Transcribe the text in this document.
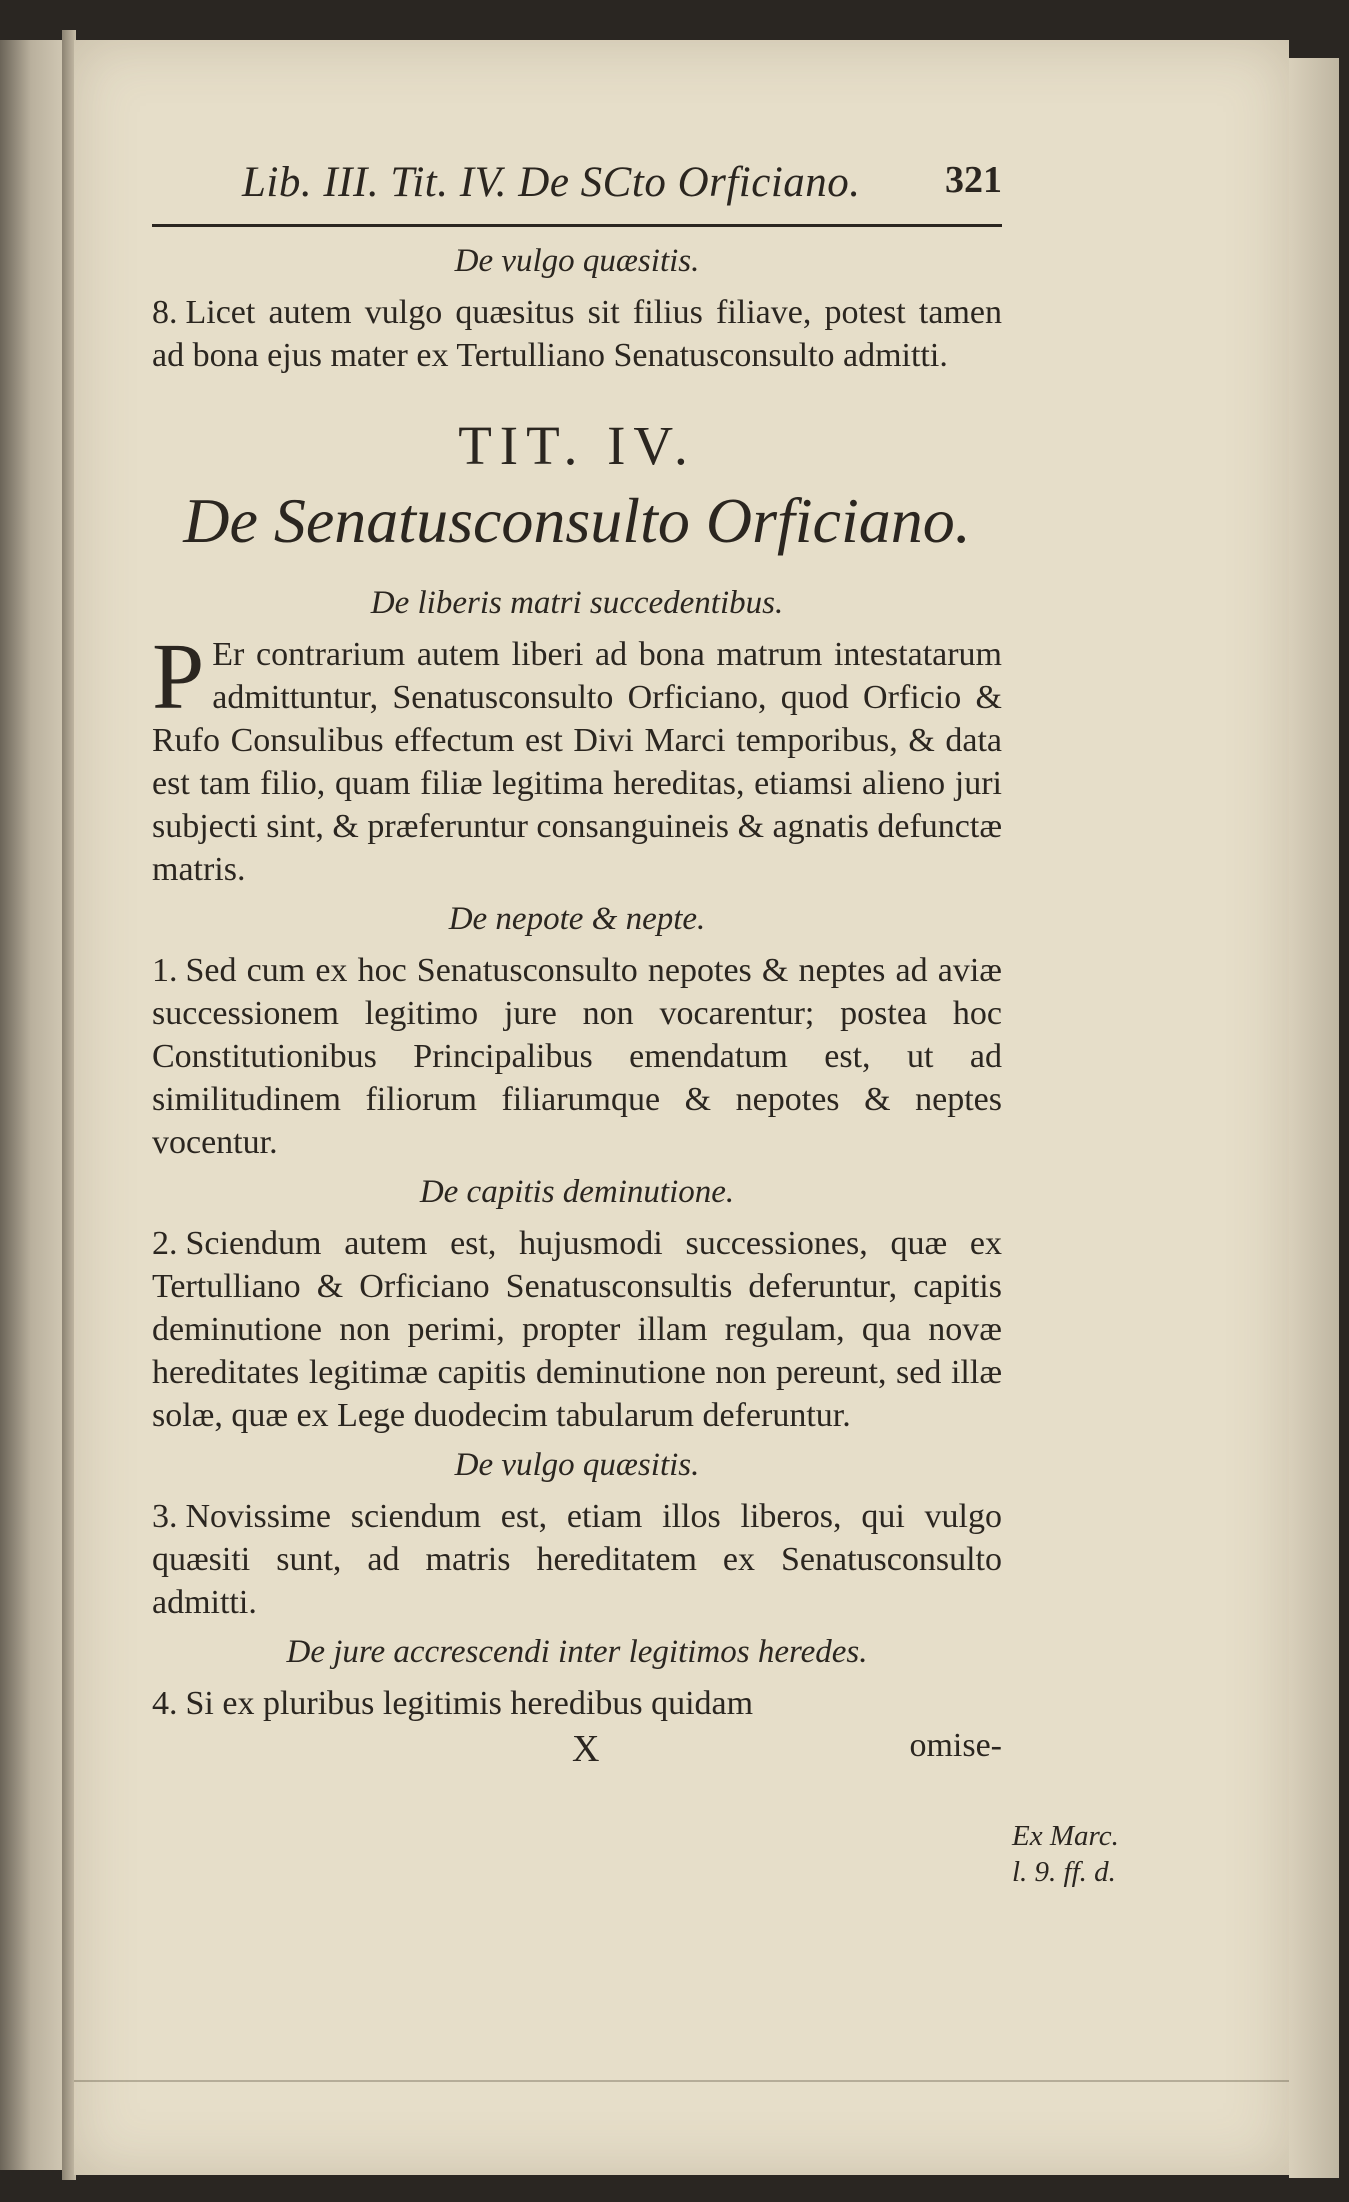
Lib. III. Tit. IV. De SCto Orficiano. 321
De vulgo quæsitis.

8. Licet autem vulgo quæsitus sit filius filiave, potest tamen ad bona ejus mater ex Tertulliano Senatusconsulto admitti.

TIT. IV.
De Senatusconsulto Orficiano.
De liberis matri succedentibus.

P Er contrarium autem liberi ad bona matrum intestatarum admittuntur, Senatusconsulto Orficiano, quod Orficio & Rufo Consulibus effectum est Divi Marci temporibus, & data est tam filio, quam filiæ legitima hereditas, etiamsi alieno juri subjecti sint, & præferuntur consanguineis & agnatis defunctæ matris.

De nepote & nepte.

1. Sed cum ex hoc Senatusconsulto nepotes & neptes ad aviæ successionem legitimo jure non vocarentur; postea hoc Constitutionibus Principalibus emendatum est, ut ad similitudinem filiorum filiarumque & nepotes & neptes vocentur.

De capitis deminutione.

2. Sciendum autem est, hujusmodi successiones, quæ ex Tertulliano & Orficiano Senatusconsultis deferuntur, capitis deminutione non perimi, propter illam regulam, qua novæ hereditates legitimæ capitis deminutione non pereunt, sed illæ solæ, quæ ex Lege duodecim tabularum deferuntur.

De vulgo quæsitis.

3. Novissime sciendum est, etiam illos liberos, qui vulgo quæsiti sunt, ad matris hereditatem ex Senatusconsulto admitti.

De jure accrescendi inter legitimos heredes.

4. Si ex pluribus legitimis heredibus quidam

X	omise-
Ex Marc. l. 9. ff. d.
